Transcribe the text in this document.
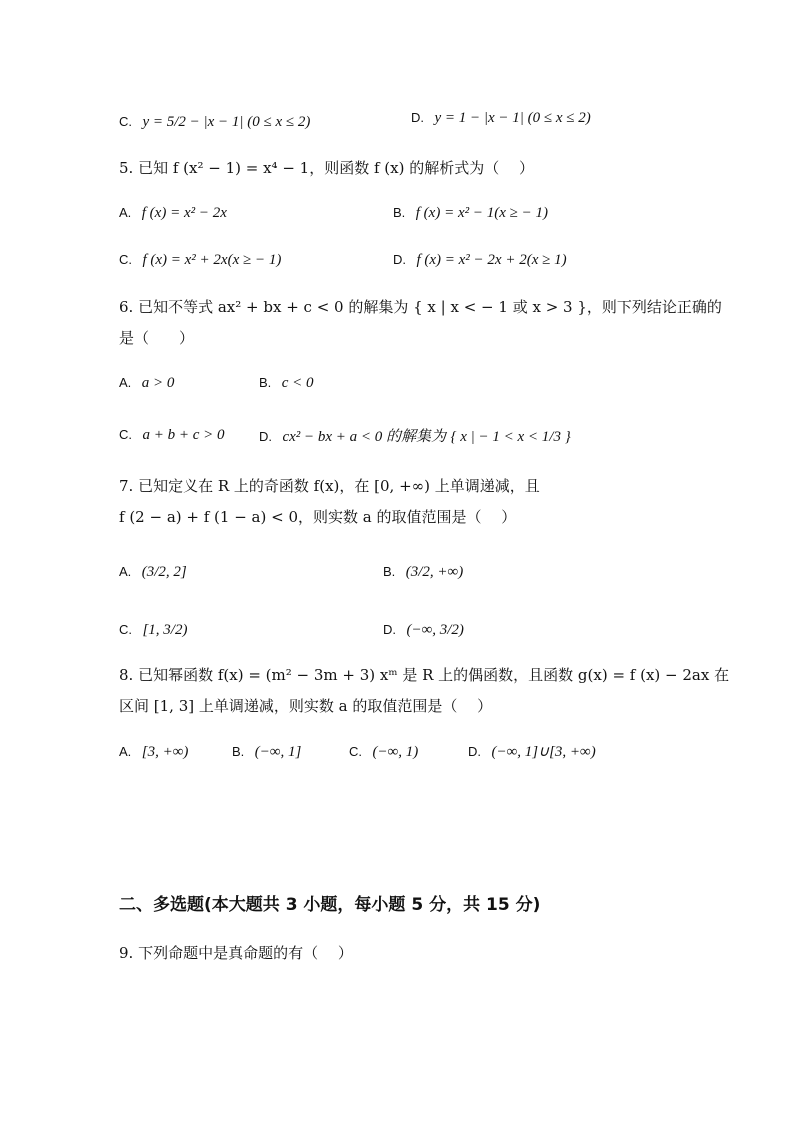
C. y = 5/2 − |x − 1| (0 ≤ x ≤ 2)	D. y = 1 − |x − 1| (0 ≤ x ≤ 2)
5. 已知 f (x² − 1) = x⁴ − 1，则函数 f (x) 的解析式为（　 ）
A. f (x) = x² − 2x	B. f (x) = x² − 1(x ≥ − 1)
C. f (x) = x² + 2x(x ≥ − 1)	D. f (x) = x² − 2x + 2(x ≥ 1)
6. 已知不等式 ax² + bx + c < 0 的解集为 { x | x < − 1 或 x > 3 }，则下列结论正确的
是（　　）
A. a > 0	B. c < 0
C. a + b + c > 0	D. cx² − bx + a < 0 的解集为 { x | − 1 < x < 1/3 }
7. 已知定义在 R 上的奇函数 f(x)，在 [0, +∞) 上单调递减，且
f (2 − a) + f (1 − a) < 0，则实数 a 的取值范围是（　 ）
A. (3/2, 2]	B. (3/2, +∞)
C. [1, 3/2)	D. (−∞, 3/2)
8. 已知幂函数 f(x) = (m² − 3m + 3) xᵐ 是 R 上的偶函数，且函数 g(x) = f (x) − 2ax 在
区间 [1, 3] 上单调递减，则实数 a 的取值范围是（　 ）
A. [3, +∞)	B. (−∞, 1]	C. (−∞, 1)	D. (−∞, 1]∪[3, +∞)
二、多选题(本大题共 3 小题，每小题 5 分，共 15 分)
9. 下列命题中是真命题的有（　 ）
